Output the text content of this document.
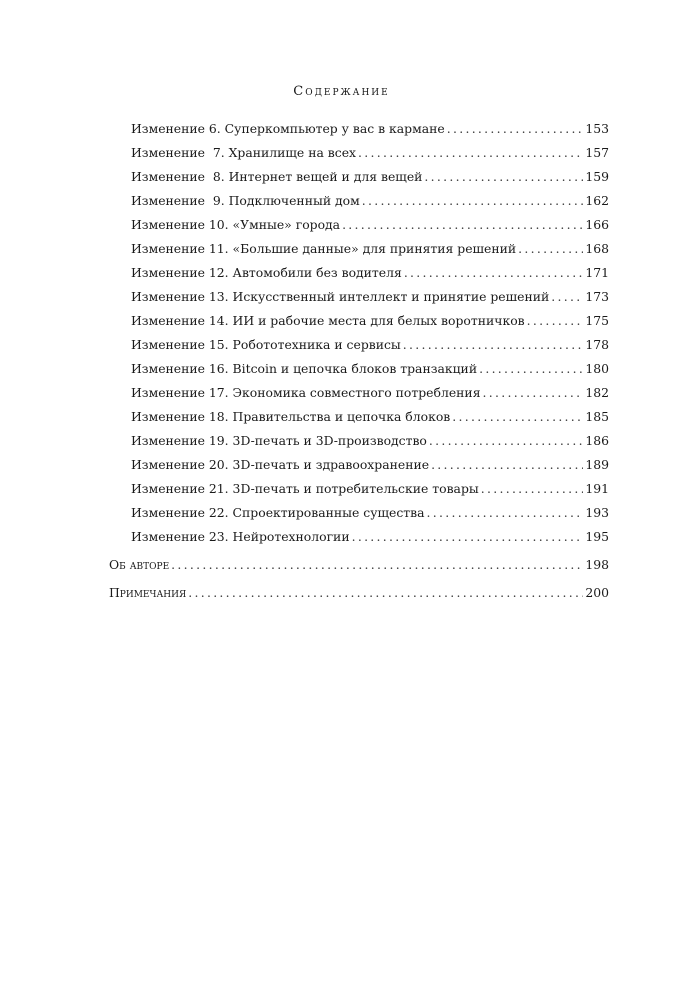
Содержание
Изменение 6. Суперкомпьютер у вас в кармане .....	153
Изменение  7. Хранилище на всех .....	157
Изменение  8. Интернет вещей и для вещей .....	159
Изменение  9. Подключенный дом .....	162
Изменение 10. «Умные» города .....	166
Изменение 11. «Большие данные» для принятия решений .....	168
Изменение 12. Автомобили без водителя .....	171
Изменение 13. Искусственный интеллект и принятие решений .....	173
Изменение 14. ИИ и рабочие места для белых воротничков .....	175
Изменение 15. Робототехника и сервисы .....	178
Изменение 16. Bitcoin и цепочка блоков транзакций .....	180
Изменение 17. Экономика совместного потребления .....	182
Изменение 18. Правительства и цепочка блоков .....	185
Изменение 19. 3D-печать и 3D-производство .....	186
Изменение 20. 3D-печать и здравоохранение .....	189
Изменение 21. 3D-печать и потребительские товары .....	191
Изменение 22. Спроектированные существа .....	193
Изменение 23. Нейротехнологии .....	195
Об авторе .....	198
Примечания .....	200
